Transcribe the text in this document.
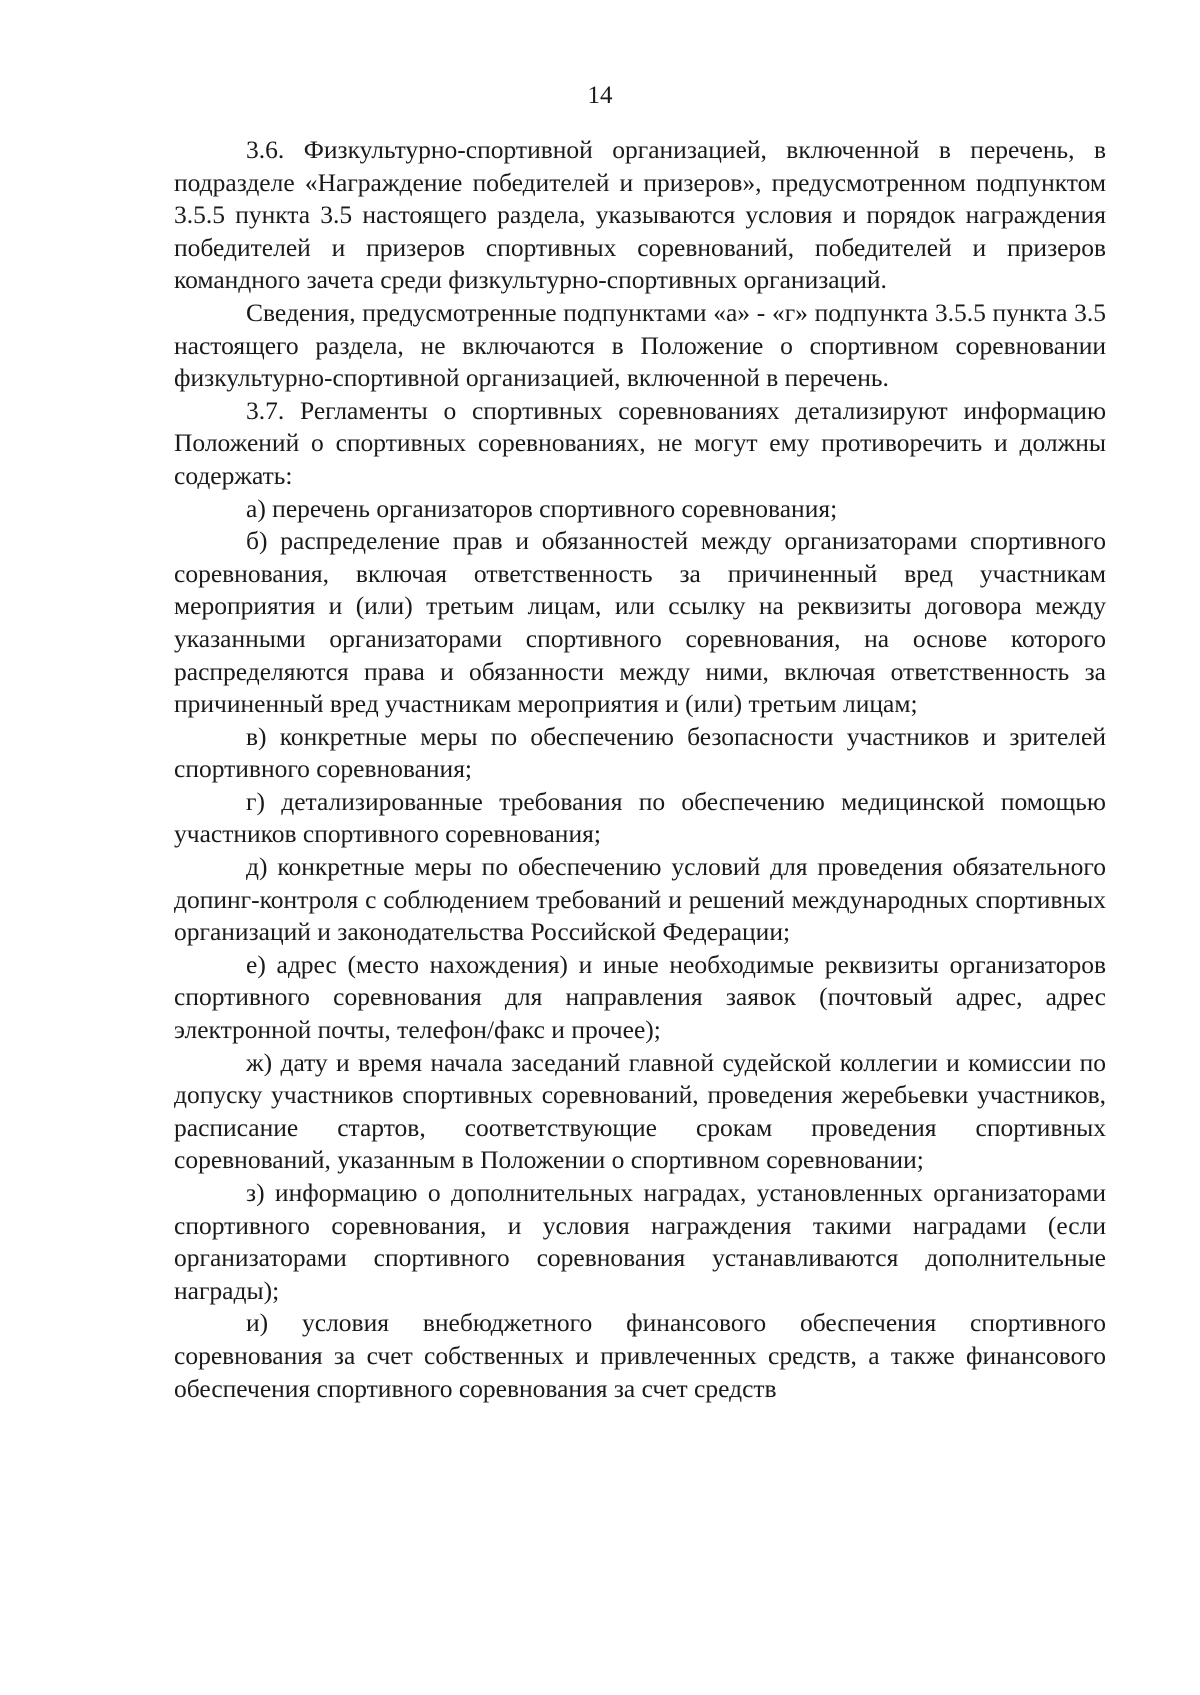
14

3.6. Физкультурно-спортивной организацией, включенной в перечень, в подразделе «Награждение победителей и призеров», предусмотренном подпунктом 3.5.5 пункта 3.5 настоящего раздела, указываются условия и порядок награждения победителей и призеров спортивных соревнований, победителей и призеров командного зачета среди физкультурно-спортивных организаций.

Сведения, предусмотренные подпунктами «а» - «г» подпункта 3.5.5 пункта 3.5 настоящего раздела, не включаются в Положение о спортивном соревновании физкультурно-спортивной организацией, включенной в перечень.

3.7. Регламенты о спортивных соревнованиях детализируют информацию Положений о спортивных соревнованиях, не могут ему противоречить и должны содержать:

а) перечень организаторов спортивного соревнования;

б) распределение прав и обязанностей между организаторами спортивного соревнования, включая ответственность за причиненный вред участникам мероприятия и (или) третьим лицам, или ссылку на реквизиты договора между указанными организаторами спортивного соревнования, на основе которого распределяются права и обязанности между ними, включая ответственность за причиненный вред участникам мероприятия и (или) третьим лицам;

в) конкретные меры по обеспечению безопасности участников и зрителей спортивного соревнования;

г) детализированные требования по обеспечению медицинской помощью участников спортивного соревнования;

д) конкретные меры по обеспечению условий для проведения обязательного допинг-контроля с соблюдением требований и решений международных спортивных организаций и законодательства Российской Федерации;

е) адрес (место нахождения) и иные необходимые реквизиты организаторов спортивного соревнования для направления заявок (почтовый адрес, адрес электронной почты, телефон/факс и прочее);

ж) дату и время начала заседаний главной судейской коллегии и комиссии по допуску участников спортивных соревнований, проведения жеребьевки участников, расписание стартов, соответствующие срокам проведения спортивных соревнований, указанным в Положении о спортивном соревновании;

з) информацию о дополнительных наградах, установленных организаторами спортивного соревнования, и условия награждения такими наградами (если организаторами спортивного соревнования устанавливаются дополнительные награды);

и) условия внебюджетного финансового обеспечения спортивного соревнования за счет собственных и привлеченных средств, а также финансового обеспечения спортивного соревнования за счет средств
